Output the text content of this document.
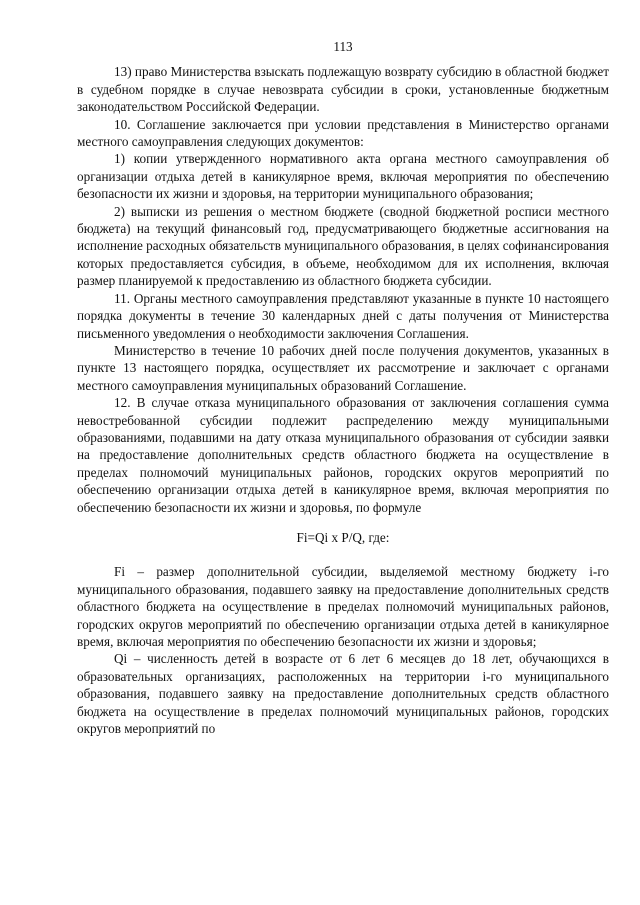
113

13) право Министерства взыскать подлежащую возврату субсидию в областной бюджет в судебном порядке в случае невозврата субсидии в сроки, установленные бюджетным законодательством Российской Федерации.

10. Соглашение заключается при условии представления в Министерство органами местного самоуправления следующих документов:

1) копии утвержденного нормативного акта органа местного самоуправления об организации отдыха детей в каникулярное время, включая мероприятия по обеспечению безопасности их жизни и здоровья, на территории муниципального образования;

2) выписки из решения о местном бюджете (сводной бюджетной росписи местного бюджета) на текущий финансовый год, предусматривающего бюджетные ассигнования на исполнение расходных обязательств муниципального образования, в целях софинансирования которых предоставляется субсидия, в объеме, необходимом для их исполнения, включая размер планируемой к предоставлению из областного бюджета субсидии.

11. Органы местного самоуправления представляют указанные в пункте 10 настоящего порядка документы в течение 30 календарных дней с даты получения от Министерства письменного уведомления о необходимости заключения Соглашения.

Министерство в течение 10 рабочих дней после получения документов, указанных в пункте 13 настоящего порядка, осуществляет их рассмотрение и заключает с органами местного самоуправления муниципальных образований Соглашение.

12. В случае отказа муниципального образования от заключения соглашения сумма невостребованной субсидии подлежит распределению между муниципальными образованиями, подавшими на дату отказа муниципального образования от субсидии заявки на предоставление дополнительных средств областного бюджета на осуществление в пределах полномочий муниципальных районов, городских округов мероприятий по обеспечению организации отдыха детей в каникулярное время, включая мероприятия по обеспечению безопасности их жизни и здоровья, по формуле

Fi=Qi x P/Q, где:

Fi – размер дополнительной субсидии, выделяемой местному бюджету i-го муниципального образования, подавшего заявку на предоставление дополнительных средств областного бюджета на осуществление в пределах полномочий муниципальных районов, городских округов мероприятий по обеспечению организации отдыха детей в каникулярное время, включая мероприятия по обеспечению безопасности их жизни и здоровья;

Qi – численность детей в возрасте от 6 лет 6 месяцев до 18 лет, обучающихся в образовательных организациях, расположенных на территории i-го муниципального образования, подавшего заявку на предоставление дополнительных средств областного бюджета на осуществление в пределах полномочий муниципальных районов, городских округов мероприятий по
